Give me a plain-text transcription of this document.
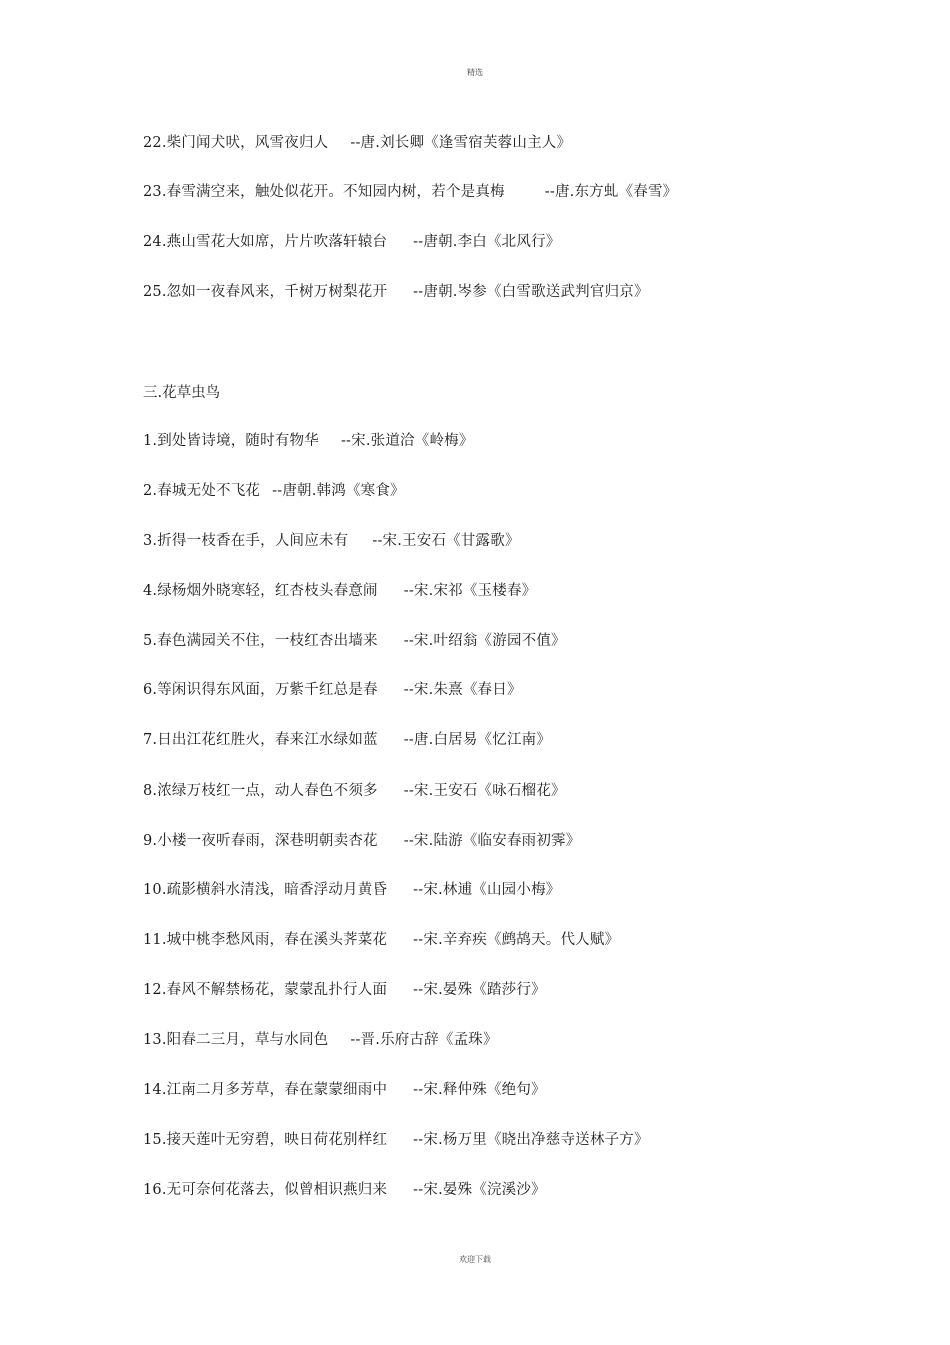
精选
22.柴门闻犬吠，风雪夜归人 --唐.刘长卿《逢雪宿芙蓉山主人》
23.春雪满空来，触处似花开。不知园内树，若个是真梅	--唐.东方虬《春雪》
24.燕山雪花大如席，片片吹落轩辕台 --唐朝.李白《北风行》
25.忽如一夜春风来，千树万树梨花开 --唐朝.岑参《白雪歌送武判官归京》
三.花草虫鸟
1.到处皆诗境，随时有物华 --宋.张道洽《岭梅》
2.春城无处不飞花 --唐朝.韩鸿《寒食》
3.折得一枝香在手，人间应未有 --宋.王安石《甘露歌》
4.绿杨烟外晓寒轻，红杏枝头春意闹 --宋.宋祁《玉楼春》
5.春色满园关不住，一枝红杏出墙来 --宋.叶绍翁《游园不值》
6.等闲识得东风面，万紫千红总是春 --宋.朱熹《春日》
7.日出江花红胜火，春来江水绿如蓝 --唐.白居易《忆江南》
8.浓绿万枝红一点，动人春色不须多 --宋.王安石《咏石榴花》
9.小楼一夜听春雨，深巷明朝卖杏花 --宋.陆游《临安春雨初霁》
10.疏影横斜水清浅，暗香浮动月黄昏 --宋.林逋《山园小梅》
11.城中桃李愁风雨，春在溪头荠菜花 --宋.辛弃疾《鹧鸪天。代人赋》
12.春风不解禁杨花，蒙蒙乱扑行人面 --宋.晏殊《踏莎行》
13.阳春二三月，草与水同色 --晋.乐府古辞《孟珠》
14.江南二月多芳草，春在蒙蒙细雨中 --宋.释仲殊《绝句》
15.接天莲叶无穷碧，映日荷花别样红 --宋.杨万里《晓出净慈寺送林子方》
16.无可奈何花落去，似曾相识燕归来 --宋.晏殊《浣溪沙》
欢迎下载
